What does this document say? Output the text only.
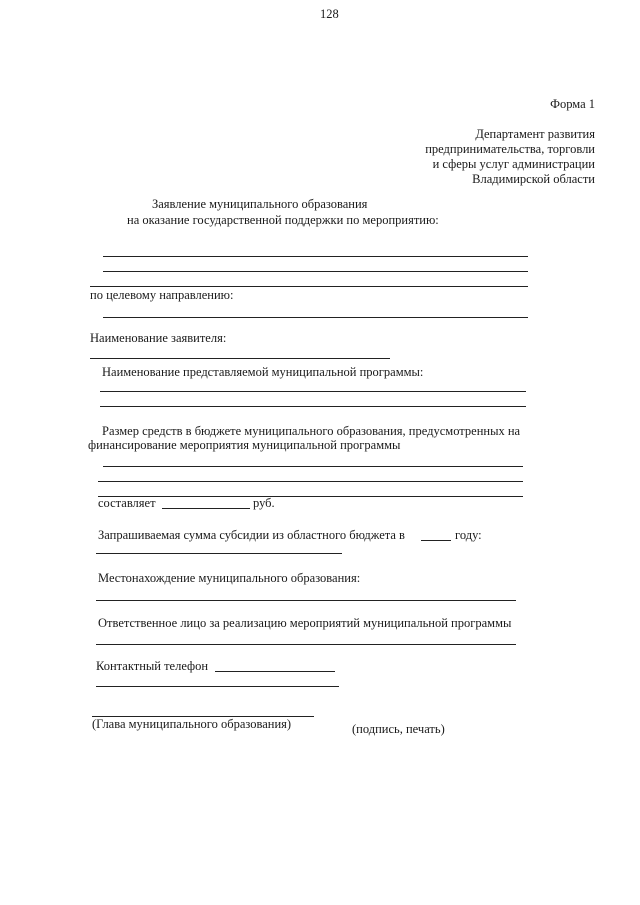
128
Форма 1
Департамент развития
предпринимательства, торговли
и сферы услуг администрации
Владимирской области
Заявление муниципального образования
на оказание государственной поддержки по мероприятию:
по целевому направлению:
Наименование заявителя:
Наименование представляемой муниципальной программы:
Размер средств в бюджете муниципального образования, предусмотренных на
финансирование мероприятия муниципальной программы
составляет	руб.
Запрашиваемая сумма субсидии из областного бюджета в	году:
Местонахождение муниципального образования:
Ответственное лицо за реализацию мероприятий муниципальной программы
Контактный телефон
(Глава муниципального образования)	(подпись, печать)
